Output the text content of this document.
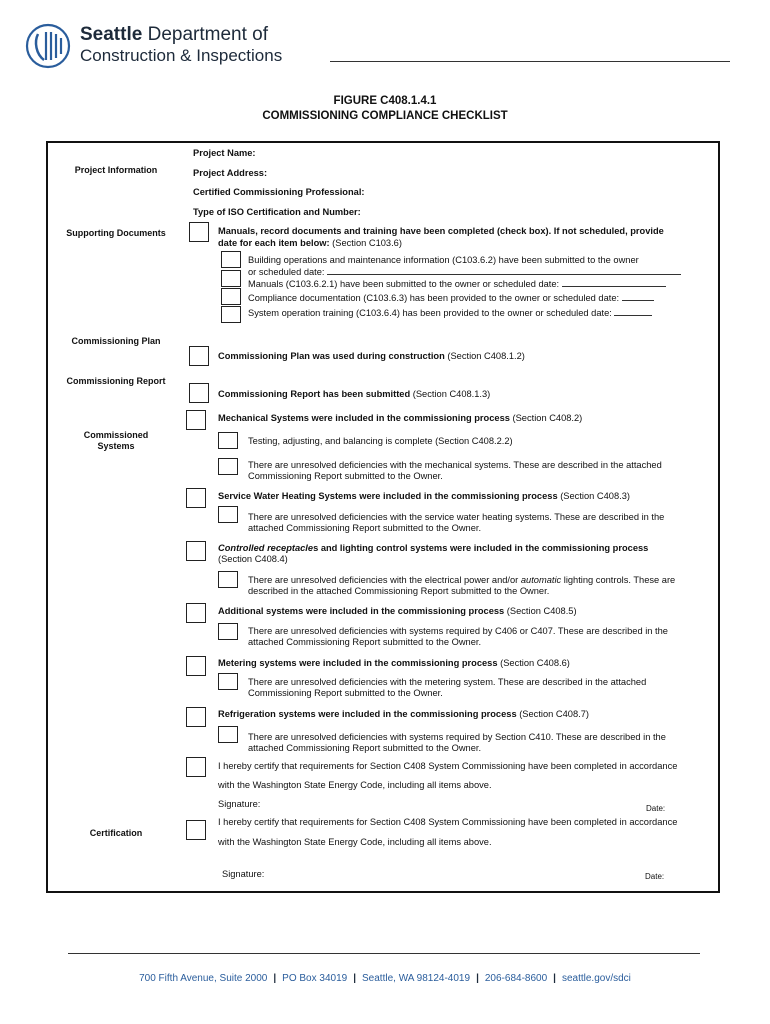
Seattle Department of
Construction & Inspections
FIGURE C408.1.4.1
COMMISSIONING COMPLIANCE CHECKLIST
Project Information
Supporting Documents
Commissioning Plan
Commissioning Report
Commissioned Systems
Certification
Project Name:
Project Address:
Certified Commissioning Professional:
Type of ISO Certification and Number:
Manuals, record documents and training have been completed (check box). If not scheduled, provide
date for each item below: (Section C103.6)
Building operations and maintenance information (C103.6.2) have been submitted to the owner
or scheduled date:
Manuals (C103.6.2.1) have been submitted to the owner or scheduled date:
Compliance documentation (C103.6.3) has been provided to the owner or scheduled date:
System operation training (C103.6.4) has been provided to the owner or scheduled date:
Commissioning Plan was used during construction (Section C408.1.2)
Commissioning Report has been submitted (Section C408.1.3)
Mechanical Systems were included in the commissioning process (Section C408.2)
Testing, adjusting, and balancing is complete (Section C408.2.2)
There are unresolved deficiencies with the mechanical systems. These are described in the attached
Commissioning Report submitted to the Owner.
Service Water Heating Systems were included in the commissioning process (Section C408.3)
There are unresolved deficiencies with the service water heating systems. These are described in the
attached Commissioning Report submitted to the Owner.
Controlled receptacles and lighting control systems were included in the commissioning process
(Section C408.4)
There are unresolved deficiencies with the electrical power and/or automatic lighting controls. These are
described in the attached Commissioning Report submitted to the Owner.
Additional systems were included in the commissioning process (Section C408.5)
There are unresolved deficiencies with systems required by C406 or C407. These are described in the
attached Commissioning Report submitted to the Owner.
Metering systems were included in the commissioning process (Section C408.6)
There are unresolved deficiencies with the metering system. These are described in the attached
Commissioning Report submitted to the Owner.
Refrigeration systems were included in the commissioning process (Section C408.7)
There are unresolved deficiencies with systems required by Section C410. These are described in the
attached Commissioning Report submitted to the Owner.
I hereby certify that requirements for Section C408 System Commissioning have been completed in accordance
with the Washington State Energy Code, including all items above.
Signature:	Date:
I hereby certify that requirements for Section C408 System Commissioning have been completed in accordance
with the Washington State Energy Code, including all items above.
Signature:	Date:
700 Fifth Avenue, Suite 2000 | PO Box 34019 | Seattle, WA 98124-4019 | 206-684-8600 | seattle.gov/sdci
